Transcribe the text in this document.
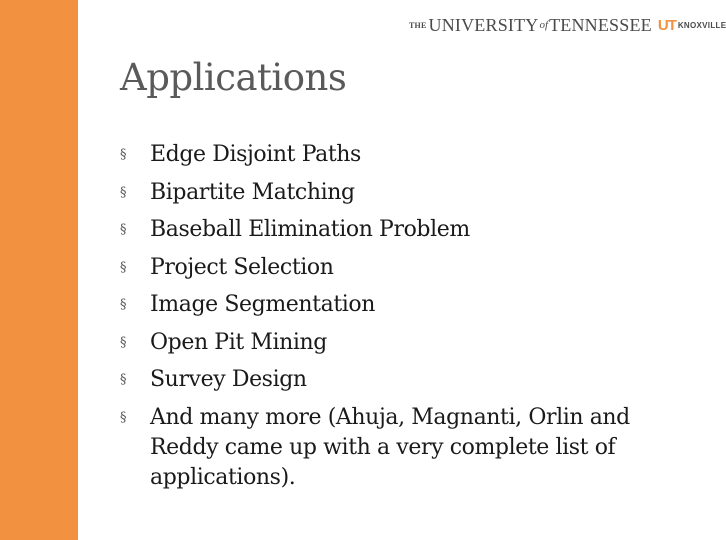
THE UNIVERSITY of TENNESSEE UT KNOXVILLE
Applications
§	Edge Disjoint Paths
§	Bipartite Matching
§	Baseball Elimination Problem
§	Project Selection
§	Image Segmentation
§	Open Pit Mining
§	Survey Design
§	And many more (Ahuja, Magnanti, Orlin and Reddy came up with a very complete list of applications).
